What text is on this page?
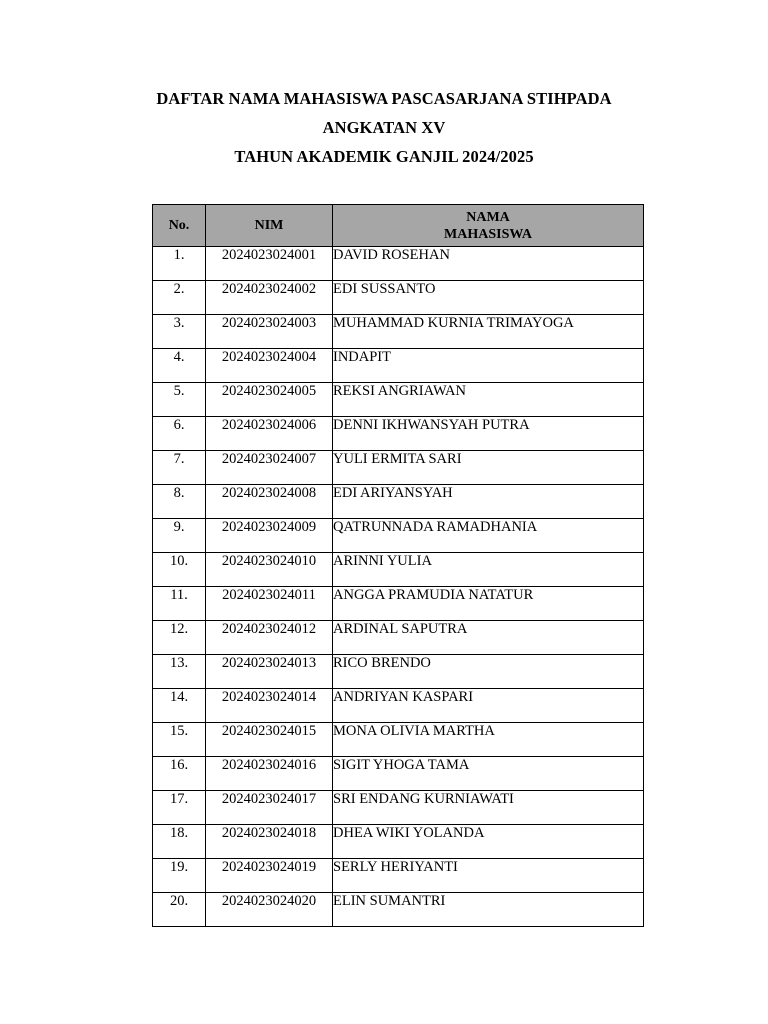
DAFTAR NAMA MAHASISWA PASCASARJANA STIHPADA
ANGKATAN XV
TAHUN AKADEMIK GANJIL 2024/2025
No.	NIM	NAMA
MAHASISWA

1.	2024023024001	DAVID ROSEHAN
2.	2024023024002	EDI SUSSANTO
3.	2024023024003	MUHAMMAD KURNIA TRIMAYOGA
4.	2024023024004	INDAPIT
5.	2024023024005	REKSI ANGRIAWAN
6.	2024023024006	DENNI IKHWANSYAH PUTRA
7.	2024023024007	YULI ERMITA SARI
8.	2024023024008	EDI ARIYANSYAH
9.	2024023024009	QATRUNNADA RAMADHANIA
10.	2024023024010	ARINNI YULIA
11.	2024023024011	ANGGA PRAMUDIA NATATUR
12.	2024023024012	ARDINAL SAPUTRA
13.	2024023024013	RICO BRENDO
14.	2024023024014	ANDRIYAN KASPARI
15.	2024023024015	MONA OLIVIA MARTHA
16.	2024023024016	SIGIT YHOGA TAMA
17.	2024023024017	SRI ENDANG KURNIAWATI
18.	2024023024018	DHEA WIKI YOLANDA
19.	2024023024019	SERLY HERIYANTI
20.	2024023024020	ELIN SUMANTRI
